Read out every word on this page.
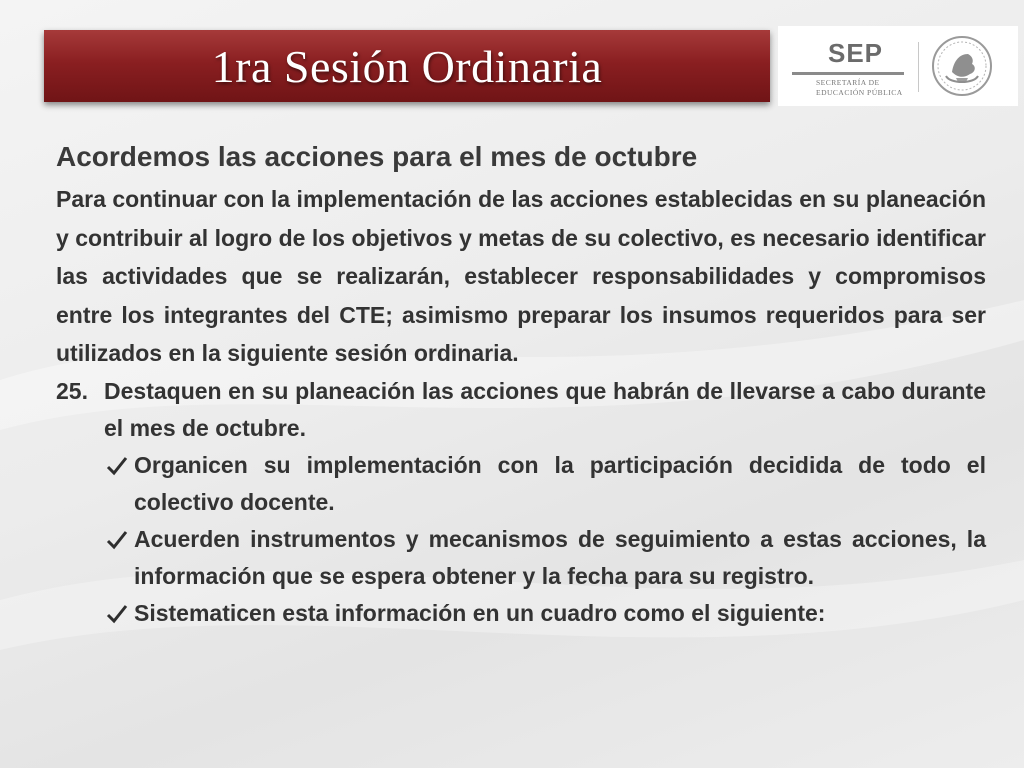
1ra Sesión Ordinaria	SEP
SECRETARÍA DE
EDUCACIÓN PÚBLICA
Acordemos las acciones para el mes de octubre

Para continuar con la implementación de las acciones establecidas en su planeación y contribuir al logro de los objetivos y metas de su colectivo, es necesario identificar las actividades que se realizarán, establecer responsabilidades y compromisos entre los integrantes del CTE; asimismo preparar los insumos requeridos para ser utilizados en la siguiente sesión ordinaria.

25. Destaquen en su planeación las acciones que habrán de llevarse a cabo durante el mes de octubre.
Organicen su implementación con la participación decidida de todo el colectivo docente.
Acuerden instrumentos y mecanismos de seguimiento a estas acciones, la información que se espera obtener y la fecha para su registro.
Sistematicen esta información en un cuadro como el siguiente:
